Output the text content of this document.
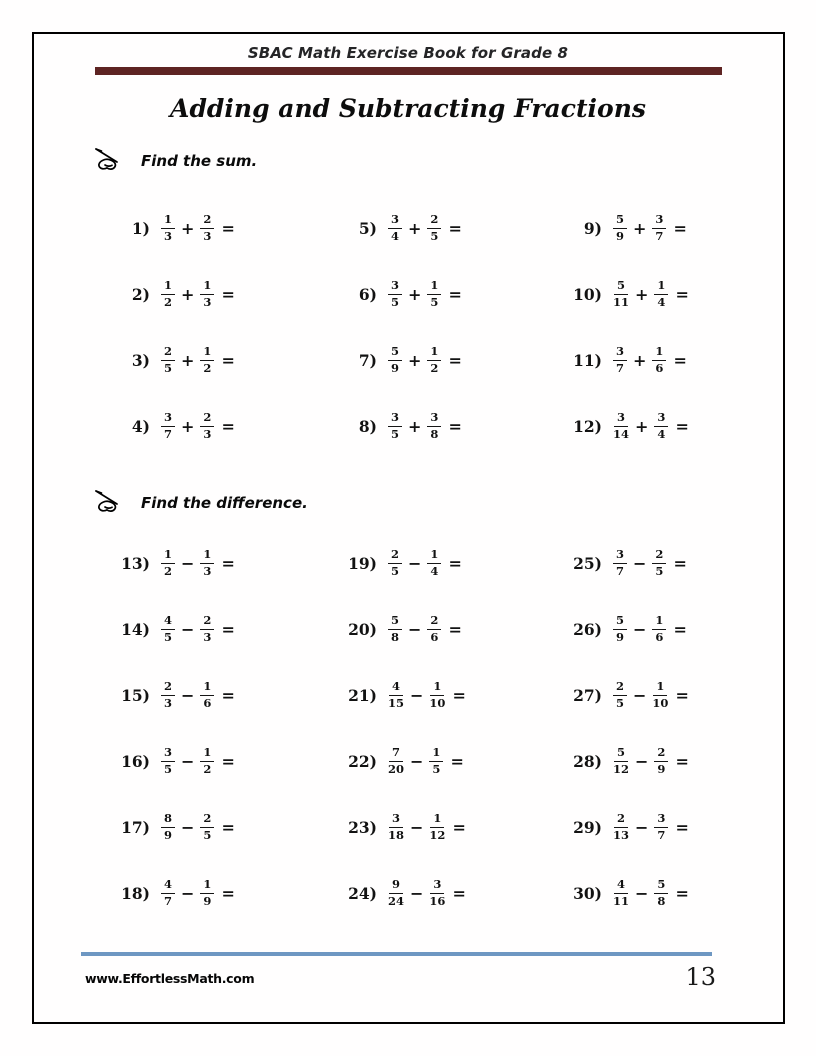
SBAC Math Exercise Book for Grade 8
Adding and Subtracting Fractions
Find the sum.
$1) \frac{1}{3} + \frac{2}{3}$ =
$2) \frac{1}{2} + \frac{1}{3}$ =
$3) \frac{2}{5} + \frac{1}{2}$ =
$4) \frac{3}{7} + \frac{2}{3}$ =
$5) \frac{3}{4} + \frac{2}{5}$ =
$6) \frac{3}{5} + \frac{1}{5}$ =
$7) \frac{5}{9} + \frac{1}{2}$ =
$8) \frac{3}{5} + \frac{3}{8}$ =
$9) \frac{5}{9} + \frac{3}{7}$ =
$10) \frac{5}{11} + \frac{1}{4}$ =
$11) \frac{3}{7} + \frac{1}{6}$ =
$12) \frac{3}{14} + \frac{3}{4}$ =
Find the difference.
$13) \frac{1}{2} - \frac{1}{3}$ =
$14) \frac{4}{5} - \frac{2}{3}$ =
$15) \frac{2}{3} - \frac{1}{6}$ =
$16) \frac{3}{5} - \frac{1}{2}$ =
$17) \frac{8}{9} - \frac{2}{5}$ =
$18) \frac{4}{7} - \frac{1}{9}$ =
$19) \frac{2}{5} - \frac{1}{4}$ =
$20) \frac{5}{8} - \frac{2}{6}$ =
$21) \frac{4}{15} - \frac{1}{10}$ =
$22) \frac{7}{20} - \frac{1}{5}$ =
$23) \frac{3}{18} - \frac{1}{12}$ =
$24) \frac{9}{24} - \frac{3}{16}$ =
$25) \frac{3}{7} - \frac{2}{5}$ =
$26) \frac{5}{9} - \frac{1}{6}$ =
$27) \frac{2}{5} - \frac{1}{10}$ =
$28) \frac{5}{12} - \frac{2}{9}$ =
$29) \frac{2}{13} - \frac{3}{7}$ =
$30) \frac{4}{11} - \frac{5}{8}$ =
www.EffortlessMath.com	13
